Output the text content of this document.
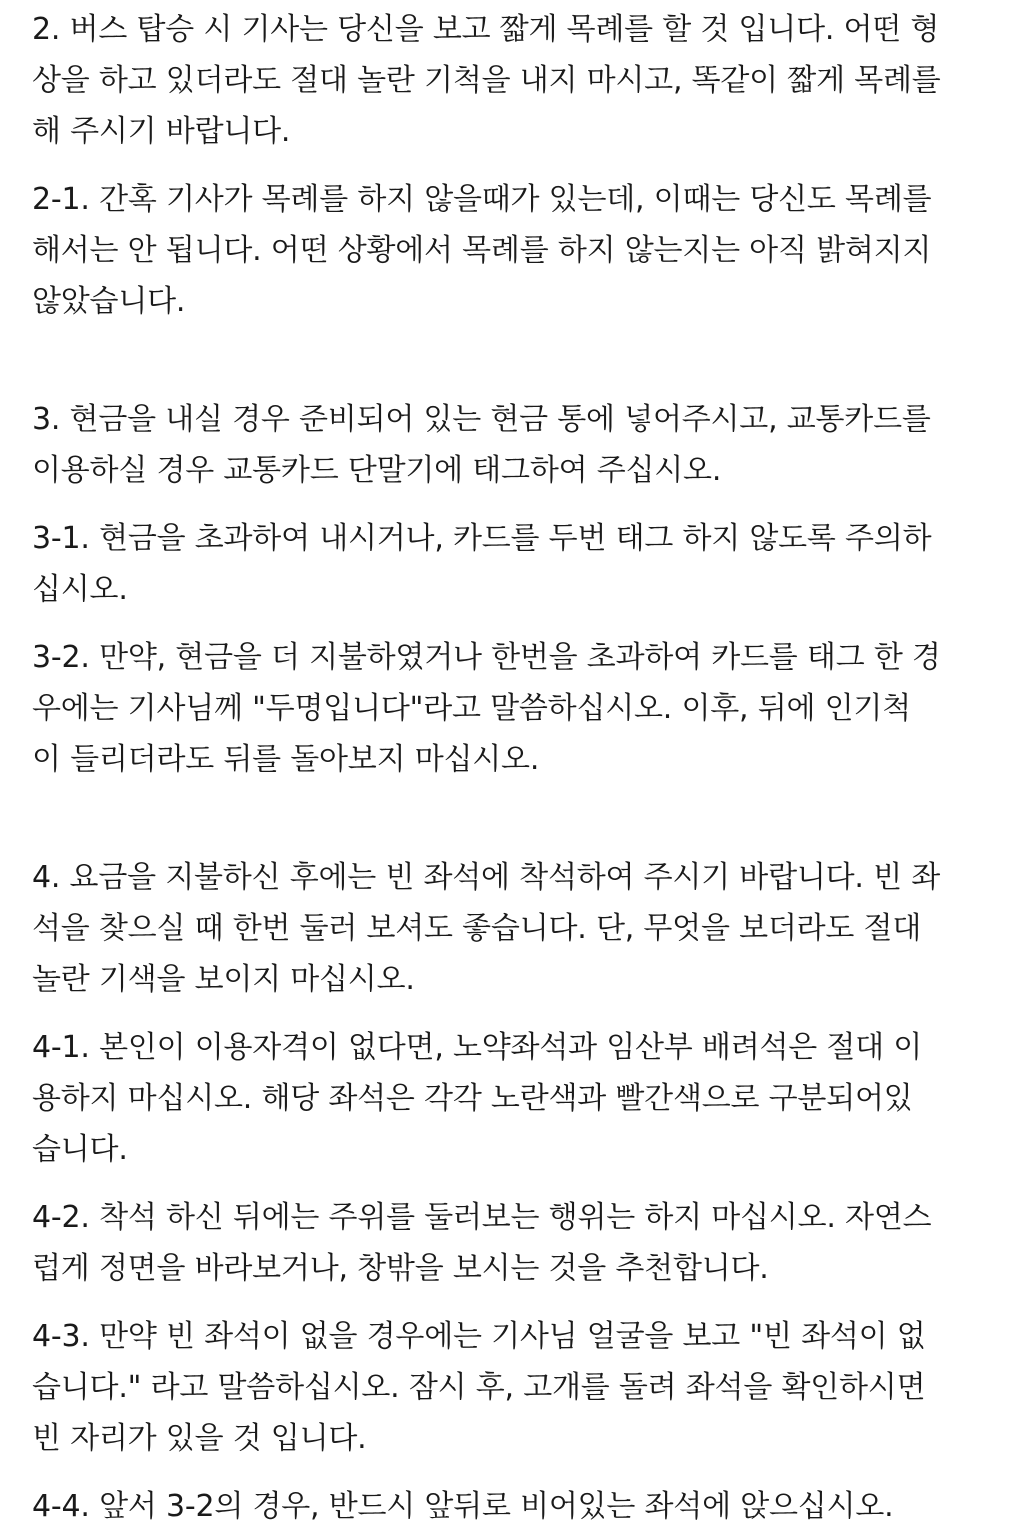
2. 버스 탑승 시 기사는 당신을 보고 짧게 목례를 할 것 입니다. 어떤 형
상을 하고 있더라도 절대 놀란 기척을 내지 마시고, 똑같이 짧게 목례를
해 주시기 바랍니다.

2-1. 간혹 기사가 목례를 하지 않을때가 있는데, 이때는 당신도 목례를
해서는 안 됩니다. 어떤 상황에서 목례를 하지 않는지는 아직 밝혀지지
않았습니다.

3. 현금을 내실 경우 준비되어 있는 현금 통에 넣어주시고, 교통카드를
이용하실 경우 교통카드 단말기에 태그하여 주십시오.

3-1. 현금을 초과하여 내시거나, 카드를 두번 태그 하지 않도록 주의하
십시오.

3-2. 만약, 현금을 더 지불하였거나 한번을 초과하여 카드를 태그 한 경
우에는 기사님께 "두명입니다"라고 말씀하십시오. 이후, 뒤에 인기척
이 들리더라도 뒤를 돌아보지 마십시오.

4. 요금을 지불하신 후에는 빈 좌석에 착석하여 주시기 바랍니다. 빈 좌
석을 찾으실 때 한번 둘러 보셔도 좋습니다. 단, 무엇을 보더라도 절대
놀란 기색을 보이지 마십시오.

4-1. 본인이 이용자격이 없다면, 노약좌석과 임산부 배려석은 절대 이
용하지 마십시오. 해당 좌석은 각각 노란색과 빨간색으로 구분되어있
습니다.

4-2. 착석 하신 뒤에는 주위를 둘러보는 행위는 하지 마십시오. 자연스
럽게 정면을 바라보거나, 창밖을 보시는 것을 추천합니다.

4-3. 만약 빈 좌석이 없을 경우에는 기사님 얼굴을 보고 "빈 좌석이 없
습니다." 라고 말씀하십시오. 잠시 후, 고개를 돌려 좌석을 확인하시면
빈 자리가 있을 것 입니다.

4-4. 앞서 3-2의 경우, 반드시 앞뒤로 비어있는 좌석에 앉으십시오.
